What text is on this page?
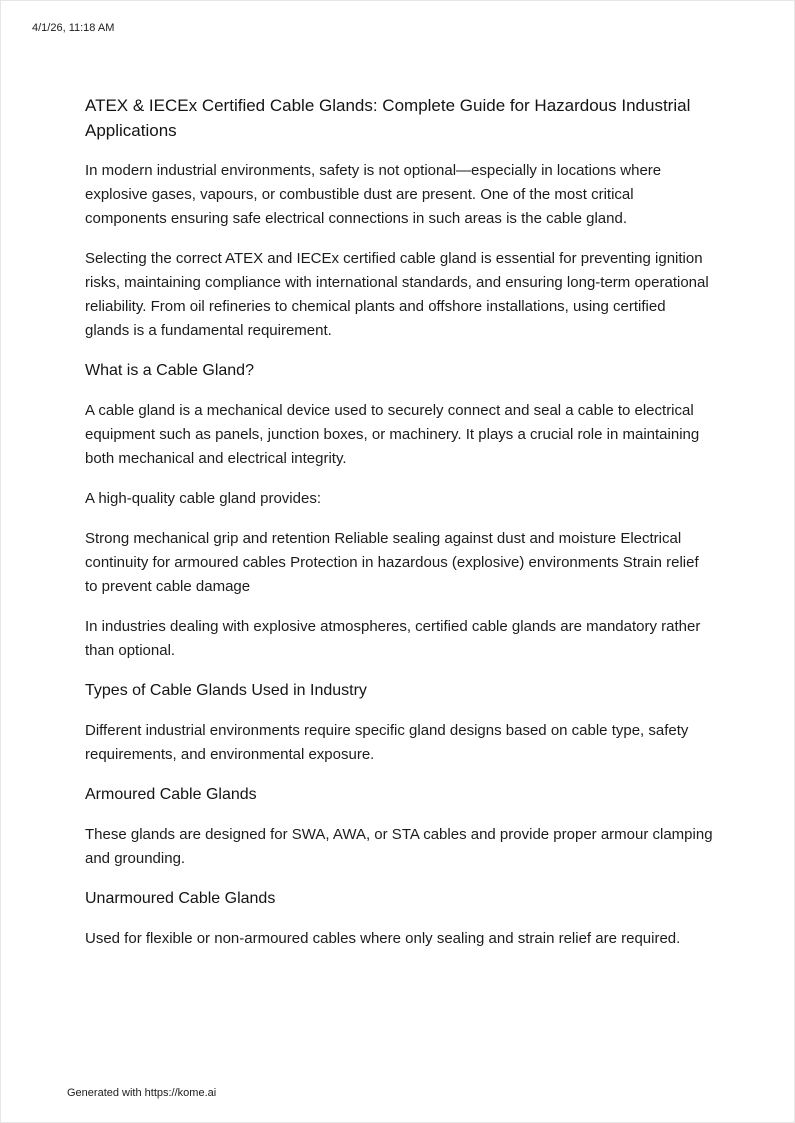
4/1/26, 11:18 AM
ATEX & IECEx Certified Cable Glands: Complete Guide for Hazardous Industrial Applications

In modern industrial environments, safety is not optional—especially in locations where explosive gases, vapours, or combustible dust are present. One of the most critical components ensuring safe electrical connections in such areas is the cable gland.

Selecting the correct ATEX and IECEx certified cable gland is essential for preventing ignition risks, maintaining compliance with international standards, and ensuring long-term operational reliability. From oil refineries to chemical plants and offshore installations, using certified glands is a fundamental requirement.

What is a Cable Gland?

A cable gland is a mechanical device used to securely connect and seal a cable to electrical equipment such as panels, junction boxes, or machinery. It plays a crucial role in maintaining both mechanical and electrical integrity.

A high-quality cable gland provides:

Strong mechanical grip and retention Reliable sealing against dust and moisture Electrical continuity for armoured cables Protection in hazardous (explosive) environments Strain relief to prevent cable damage

In industries dealing with explosive atmospheres, certified cable glands are mandatory rather than optional.

Types of Cable Glands Used in Industry

Different industrial environments require specific gland designs based on cable type, safety requirements, and environmental exposure.

Armoured Cable Glands

These glands are designed for SWA, AWA, or STA cables and provide proper armour clamping and grounding.

Unarmoured Cable Glands

Used for flexible or non-armoured cables where only sealing and strain relief are required.

Generated with https://kome.ai
